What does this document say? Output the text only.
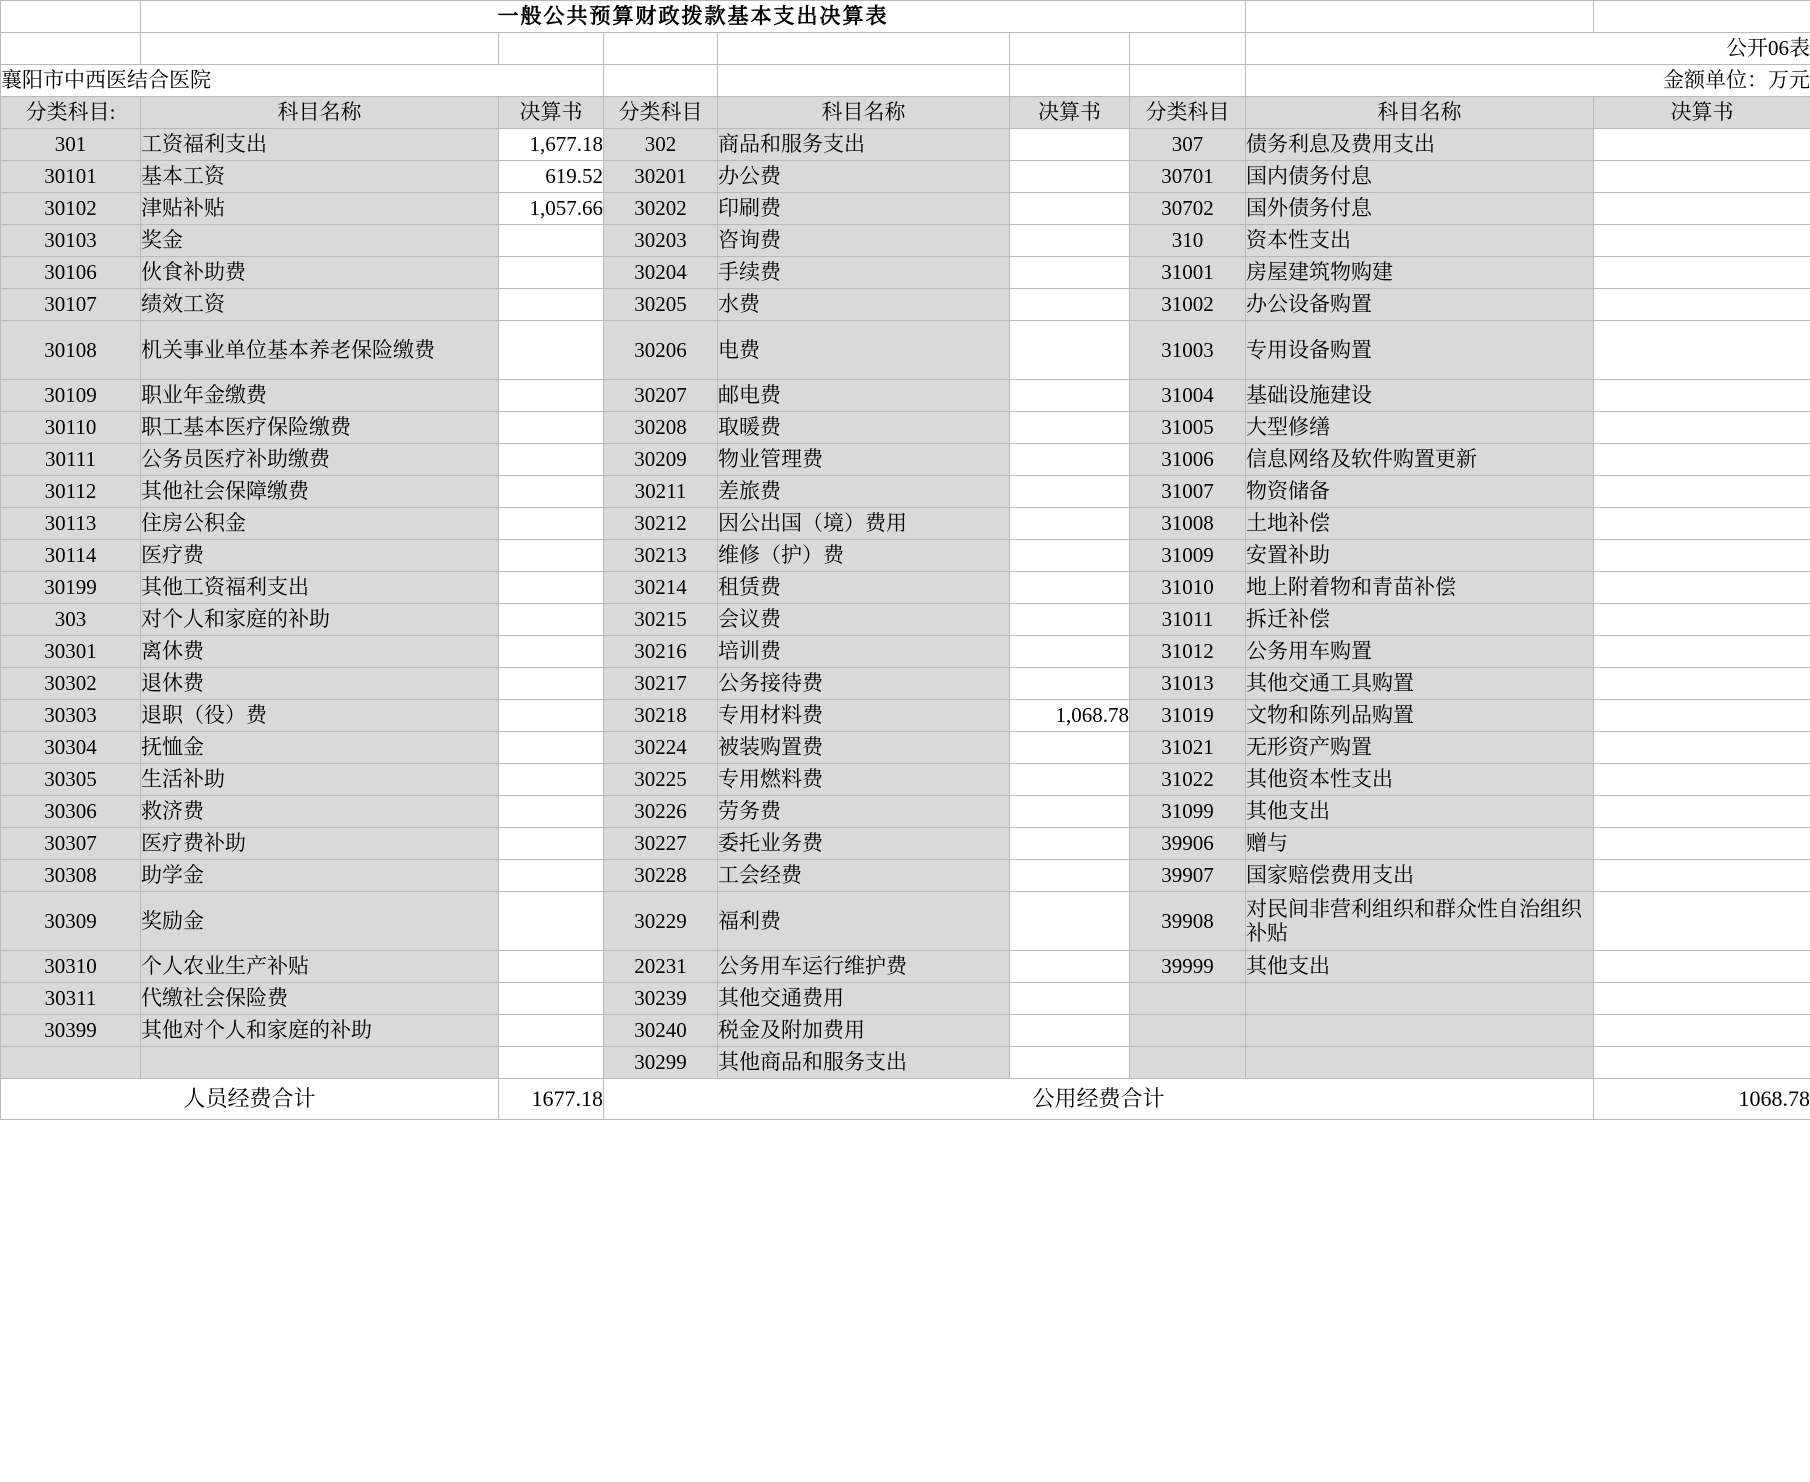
	一般公共预算财政拨款基本支出决算表							
							公开06表	
襄阳市中西医结合医院							金额单位：万元	
分类科目:	科目名称	决算书	分类科目	科目名称	决算书	分类科目	科目名称	决算书
301	工资福利支出	1,677.18	302	商品和服务支出		307	债务利息及费用支出	
30101	基本工资	619.52	30201	办公费		30701	国内债务付息	
30102	津贴补贴	1,057.66	30202	印刷费		30702	国外债务付息	
30103	奖金		30203	咨询费		310	资本性支出	
30106	伙食补助费		30204	手续费		31001	房屋建筑物购建	
30107	绩效工资		30205	水费		31002	办公设备购置	
30108	机关事业单位基本养老保险缴费		30206	电费		31003	专用设备购置	
30109	职业年金缴费		30207	邮电费		31004	基础设施建设	
30110	职工基本医疗保险缴费		30208	取暖费		31005	大型修缮	
30111	公务员医疗补助缴费		30209	物业管理费		31006	信息网络及软件购置更新	
30112	其他社会保障缴费		30211	差旅费		31007	物资储备	
30113	住房公积金		30212	因公出国（境）费用		31008	土地补偿	
30114	医疗费		30213	维修（护）费		31009	安置补助	
30199	其他工资福利支出		30214	租赁费		31010	地上附着物和青苗补偿	
303	对个人和家庭的补助		30215	会议费		31011	拆迁补偿	
30301	离休费		30216	培训费		31012	公务用车购置	
30302	退休费		30217	公务接待费		31013	其他交通工具购置	
30303	退职（役）费		30218	专用材料费	1,068.78	31019	文物和陈列品购置	
30304	抚恤金		30224	被装购置费		31021	无形资产购置	
30305	生活补助		30225	专用燃料费		31022	其他资本性支出	
30306	救济费		30226	劳务费		31099	其他支出	
30307	医疗费补助		30227	委托业务费		39906	赠与	
30308	助学金		30228	工会经费		39907	国家赔偿费用支出	
30309	奖励金		30229	福利费		39908	对民间非营利组织和群众性自治组织补贴	
30310	个人农业生产补贴		20231	公务用车运行维护费		39999	其他支出	
30311	代缴社会保险费		30239	其他交通费用				
30399	其他对个人和家庭的补助		30240	税金及附加费用				
			30299	其他商品和服务支出				
人员经费合计		1677.18	公用经费合计					1068.78
